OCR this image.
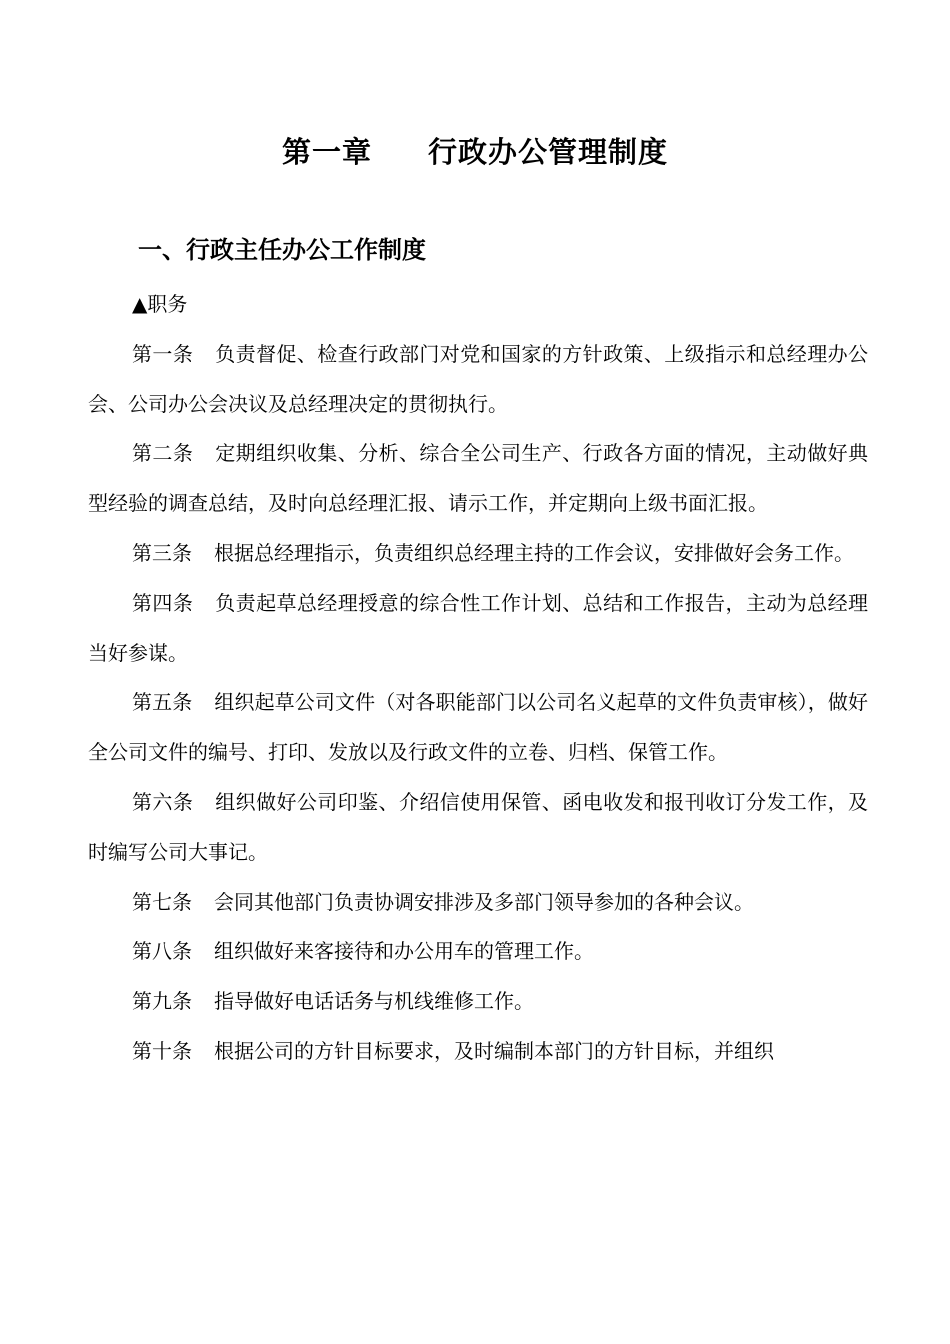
第一章 行政办公管理制度
一、行政主任办公工作制度

▲职务

第一条 负责督促、检查行政部门对党和国家的方针政策、上级指示和总经理办公会、公司办公会决议及总经理决定的贯彻执行。

第二条 定期组织收集、分析、综合全公司生产、行政各方面的情况，主动做好典型经验的调查总结，及时向总经理汇报、请示工作，并定期向上级书面汇报。

第三条 根据总经理指示，负责组织总经理主持的工作会议，安排做好会务工作。

第四条 负责起草总经理授意的综合性工作计划、总结和工作报告，主动为总经理当好参谋。

第五条 组织起草公司文件（对各职能部门以公司名义起草的文件负责审核），做好全公司文件的编号、打印、发放以及行政文件的立卷、归档、保管工作。

第六条 组织做好公司印鉴、介绍信使用保管、函电收发和报刊收订分发工作，及时编写公司大事记。

第七条 会同其他部门负责协调安排涉及多部门领导参加的各种会议。

第八条 组织做好来客接待和办公用车的管理工作。

第九条 指导做好电话话务与机线维修工作。

第十条 根据公司的方针目标要求，及时编制本部门的方针目标，并组织
